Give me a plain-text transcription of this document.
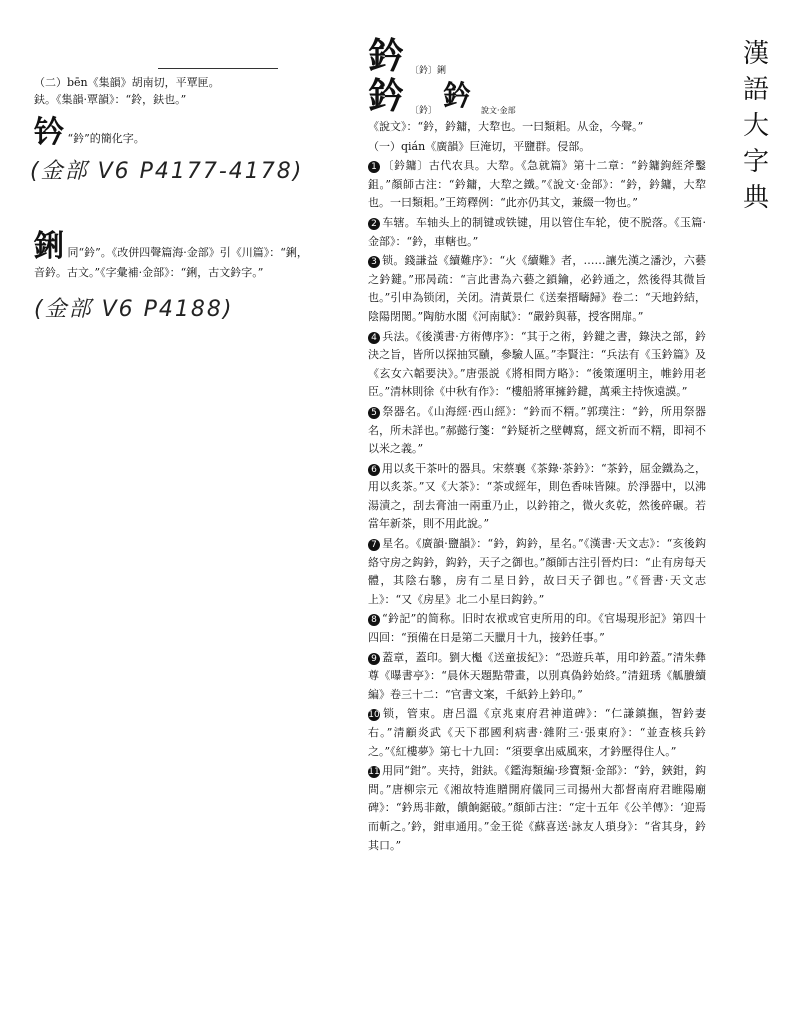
（二）bēn《集韻》胡南切，平覃匣。
鈇。《集韻·覃韻》：“鈴，鈇也。”
钤 “鈐”的簡化字。
(金部 V6 P4177-4178)
鋓 同“鈐”。《改併四聲篇海·金部》引《川篇》：“鋓，
音鈐。古文。”《字彙補·金部》：“鋓，古文鈐字。”
(金部 V6 P4188)
鈐 〔鈐〕鋓
鈐 〔鈐〕 鈐 說文·金部

《說文》：“鈐，鈐鏞，大犂也。一曰類耜。从金，今聲。”

（一）qián《廣韻》巨淹切，平鹽群。侵部。

1 〔鈐鏞〕古代农具。大犂。《急就篇》第十二章：“鈐鏞鉤絰斧鑿鉏。”顏師古注：“鈐鏞，大犂之鐵。”《說文·金部》：“鈐，鈐鏞，大犂也。一曰類耜。”王筠釋例：“此亦仍其文，兼綴一物也。”

2 车辖。车轴头上的制键或铁键，用以管住车轮，使不脱落。《玉篇·金部》：“鈐，車轄也。”

3 锁。錢謙益《續難序》：“火《續難》者，……讓先漢之潘沙，六藝之鈐鍵。”邢昺疏：“言此書為六藝之鎖鑰，必鈐通之，然後得其微旨也。”引申為锁闭，关闭。清黃景仁《送秦搢疇歸》卷二：“天地鈐結，陰陽閉閡。”陶舫水閣《河南賦》：“嚴鈐與幕，授客開扉。”

4 兵法。《後漢書·方術傳序》：“其于之術，鈐鍵之書，錄決之部，鈐決之旨，皆所以探抽冥賾，參驗人區。”李賢注：“兵法有《玉鈐篇》及《玄女六韜要決》。”唐張説《將相問方略》：“後策運明主，帷鈐用老臣。”清林則徐《中秋有作》：“樓船將軍擁鈐鍵，萬乘主持恢遠謨。”

5 祭器名。《山海經·西山經》：“鈐而不糈。”郭璞注：“鈐，所用祭器名，所未詳也。”郝懿行箋：“鈐疑祈之壁轉寫，經文祈而不糈，即祠不以米之義。”

6 用以炙干茶叶的器具。宋蔡襄《茶錄·茶鈐》：“茶鈐，屈金鐵為之，用以炙茶。”又《大茶》：“茶或經年，則色香味皆陳。於淨器中，以沸湯漬之，刮去膏油一兩重乃止，以鈐箝之，微火炙乾，然後碎碾。若當年新茶，則不用此說。”

7 星名。《廣韻·鹽韻》：“鈐，鈎鈐，星名。”《漢書·天文志》：“亥後鈎絡守房之鈎鈐，鈎鈐，天子之御也。”顏師古注引晉灼曰：“止有房每天體，其陰右驂，房有二星日鈐，故曰天子御也。”《晉書·天文志上》：“又《房星》北二小星曰鈎鈐。”

8 “鈐記”的简称。旧时农袱或官吏所用的印。《官場現形記》第四十四回：“預備在日是第二天臘月十九，接鈐任事。”

9 蓋章，蓋印。劉大櫆《送童拔紀》：“恐遊兵革，用印鈐蓋。”清朱彝尊《曝書亭》：“晨休天題點帶畫，以別真偽鈐始終。”清鈕琇《觚賸續編》卷三十二：“官書文案，千紙鈐上鈐印。”

10 锁，管束。唐呂溫《京兆東府君神道碑》：“仁謙鎮撫，智鈐妻右。”清顧炎武《天下郡國利病書·雜附三·張東府》：“並查核兵鈐之。”《紅樓夢》第七十九回：“須要拿出威風來，才鈐壓得住人。”

11 用同“鉗”。夹持，鉗鈇。《鑑海類編·珍寶類·金部》：“鈐，鋏鉗，鈎問。”唐柳宗元《湘故特進贈開府儀同三司揚州大都督南府君睢陽廟碑》：“鈐馬非敵，饋餉鋸破。”顏師古注：“定十五年《公羊傳》：‘迎焉而斬之。’鈐，鉗車通用。”金王從《蘇喜送·詠友人瑣身》：“省其身，鈐其口。”

漢
語
大
字
典
